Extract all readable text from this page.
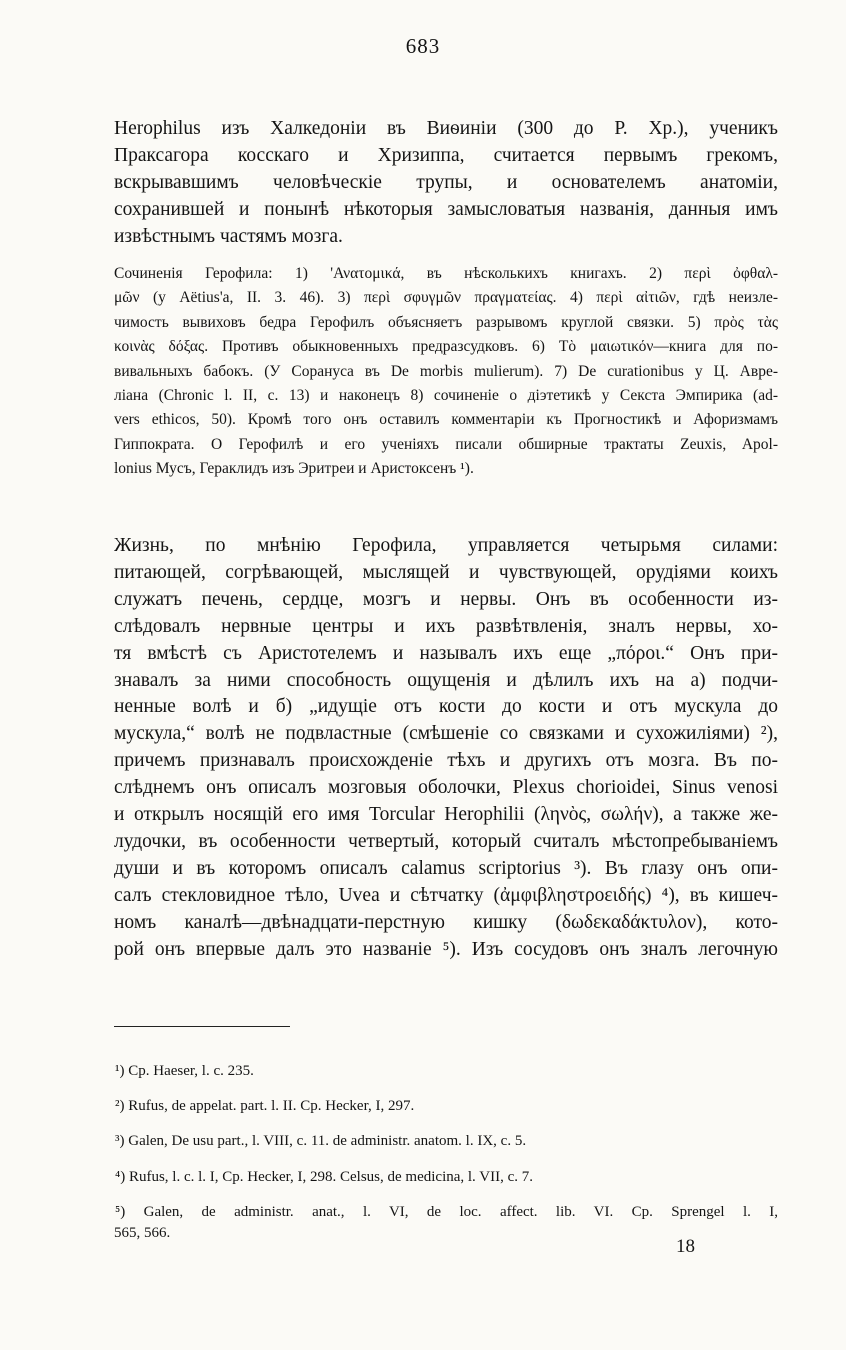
683
Herophilus изъ Халкедоніи въ Виѳиніи (300 до Р. Хр.), ученикъ
Праксагора косскаго и Хризиппа, считается первымъ грекомъ,
вскрывавшимъ человѣческіе трупы, и основателемъ анатоміи,
сохранившей и понынѣ нѣкоторыя замысловатыя названія, данныя имъ
извѣстнымъ частямъ мозга.
Сочиненія Герофила: 1) 'Ανατομικά, въ нѣсколькихъ книгахъ. 2) περὶ ὀφθαλ-
μῶν (у Aëtius'а, II. 3. 46). 3) περὶ σφυγμῶν πραγματείας. 4) περὶ αἰτιῶν, гдѣ неизле-
чимость вывиховъ бедра Герофилъ объясняетъ разрывомъ круглой связки. 5) πρὸς τὰς
κοινὰς δόξας. Противъ обыкновенныхъ предразсудковъ. 6) Τὸ μαιωτικόν—книга для по-
вивальныхъ бабокъ. (У Соранусa въ De morbis mulierum). 7) De curationibus у Ц. Авре-
ліана (Chronic l. II, c. 13) и наконецъ 8) сочиненіе о діэтетикѣ у Секста Эмпирика (ad-
vers ethicos, 50). Кромѣ того онъ оставилъ комментаріи къ Прогностикѣ и Афоризмамъ
Гиппократа. О Герофилѣ и его ученіяхъ писали обширные трактаты Zeuxis, Apol-
lonius Мусъ, Гераклидъ изъ Эритреи и Аристоксенъ ¹).
Жизнь, по мнѣнію Герофила, управляется четырьмя силами:
питающей, согрѣвающей, мыслящей и чувствующей, орудіями коихъ
служатъ печень, сердце, мозгъ и нервы. Онъ въ особенности из-
слѣдовалъ нервные центры и ихъ развѣтвленія, зналъ нервы, хо-
тя вмѣстѣ съ Аристотелемъ и называлъ ихъ еще „πόροι.“ Онъ при-
знавалъ за ними способность ощущенія и дѣлилъ ихъ на а) подчи-
ненные волѣ и б) „идущіе отъ кости до кости и отъ мускула до
мускула,“ волѣ не подвластные (смѣшеніе со связками и сухожиліями) ²),
причемъ признавалъ происхожденіе тѣхъ и другихъ отъ мозга. Въ по-
слѣднемъ онъ описалъ мозговыя оболочки, Plexus chorioidei, Sinus venosi
и открылъ носящій его имя Torcular Herophilii (ληνὸς, σωλήν), а также же-
лудочки, въ особенности четвертый, который считалъ мѣстопребываніемъ
души и въ которомъ описалъ calamus scriptorius ³). Въ глазу онъ опи-
салъ стекловидное тѣло, Uvea и сѣтчатку (ἀμφιβληστροειδής) ⁴), въ кишеч-
номъ каналѣ—двѣнадцати-перстную кишку (δωδεκαδάκτυλον), кото-
рой онъ впервые далъ это названіе ⁵). Изъ сосудовъ онъ зналъ легочную
¹) Cp. Haeser, l. c. 235.
²) Rufus, de appelat. part. l. II. Cp. Hecker, I, 297.
³) Galen, De usu part., l. VIII, c. 11. de administr. anatom. l. IX, c. 5.
⁴) Rufus, l. c. l. I, Cp. Hecker, I, 298. Celsus, de medicina, l. VII, c. 7.
⁵) Galen, de administr. anat., l. VI, de loc. affect. lib. VI. Cp. Sprengel l. I,
565, 566.
18
